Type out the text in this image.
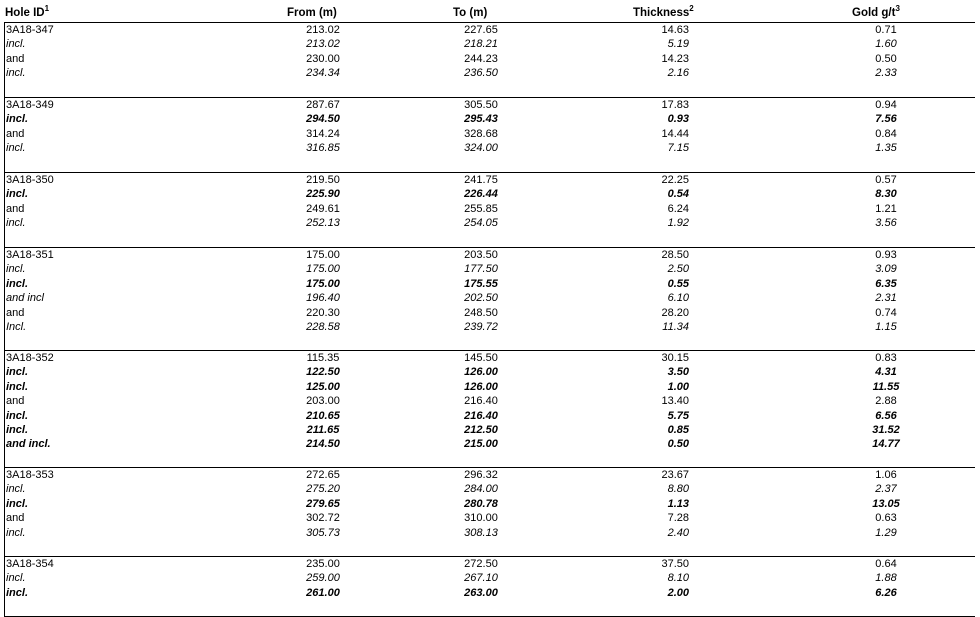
Hole $ID^1$	From (m)	To (m)	Thickness$^2$	Gold $g/t^3$
3A18-347	213.02	227.65	14.63	0.71
incl.	213.02	218.21	5.19	1.60
and	230.00	244.23	14.23	0.50
incl.	234.34	236.50	2.16	2.33
3A18-349	287.67	305.50	17.83	0.94
incl.	294.50	295.43	0.93	7.56
and	314.24	328.68	14.44	0.84
incl.	316.85	324.00	7.15	1.35
3A18-350	219.50	241.75	22.25	0.57
incl.	225.90	226.44	0.54	8.30
and	249.61	255.85	6.24	1.21
incl.	252.13	254.05	1.92	3.56
3A18-351	175.00	203.50	28.50	0.93
incl.	175.00	177.50	2.50	3.09
incl.	175.00	175.55	0.55	6.35
and incl	196.40	202.50	6.10	2.31
and	220.30	248.50	28.20	0.74
Incl.	228.58	239.72	11.34	1.15
3A18-352	115.35	145.50	30.15	0.83
incl.	122.50	126.00	3.50	4.31
incl.	125.00	126.00	1.00	11.55
and	203.00	216.40	13.40	2.88
incl.	210.65	216.40	5.75	6.56
incl.	211.65	212.50	0.85	31.52
and incl.	214.50	215.00	0.50	14.77
3A18-353	272.65	296.32	23.67	1.06
incl.	275.20	284.00	8.80	2.37
incl.	279.65	280.78	1.13	13.05
and	302.72	310.00	7.28	0.63
incl.	305.73	308.13	2.40	1.29
3A18-354	235.00	272.50	37.50	0.64
incl.	259.00	267.10	8.10	1.88
incl.	261.00	263.00	2.00	6.26
